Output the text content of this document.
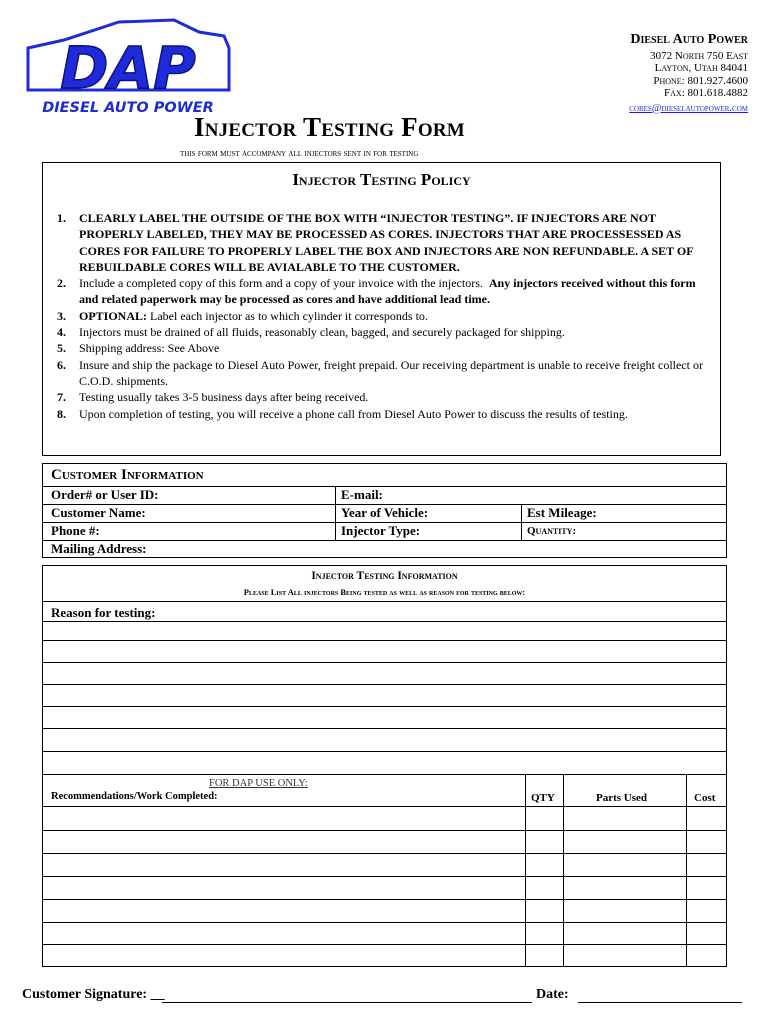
DAP
DIESEL AUTO POWER
Diesel Auto Power
3072 North 750 East
Layton, Utah 84041
Phone: 801.927.4600
Fax: 801.618.4882
cores@dieselautopower.com
Injector Testing Form
this form must accompany all injectors sent in for testing
Injector Testing Policy
1. CLEARLY LABEL THE OUTSIDE OF THE BOX WITH “INJECTOR TESTING”. IF INJECTORS ARE NOT PROPERLY LABELED, THEY MAY BE PROCESSED AS CORES. INJECTORS THAT ARE PROCESSESSED AS CORES FOR FAILURE TO PROPERLY LABEL THE BOX AND INJECTORS ARE NON REFUNDABLE. A SET OF REBUILDABLE CORES WILL BE AVIALABLE TO THE CUSTOMER.
2. Include a completed copy of this form and a copy of your invoice with the injectors. Any injectors received without this form and related paperwork may be processed as cores and have additional lead time.
3. OPTIONAL: Label each injector as to which cylinder it corresponds to.
4. Injectors must be drained of all fluids, reasonably clean, bagged, and securely packaged for shipping.
5. Shipping address: See Above
6. Insure and ship the package to Diesel Auto Power, freight prepaid. Our receiving department is unable to receive freight collect or C.O.D. shipments.
7. Testing usually takes 3-5 business days after being received.
8. Upon completion of testing, you will receive a phone call from Diesel Auto Power to discuss the results of testing.
Customer Information
Order# or User ID:	E-mail:
Customer Name:	Year of Vehicle:	Est Mileage:
Phone #:	Injector Type:	Quantity:
Mailing Address:
Injector Testing Information
Please List All injectors Being tested as well as reason for testing below:
Reason for testing:
FOR DAP USE ONLY:
Recommendations/Work Completed:	QTY	Parts Used	Cost
Customer Signature: __	Date:
